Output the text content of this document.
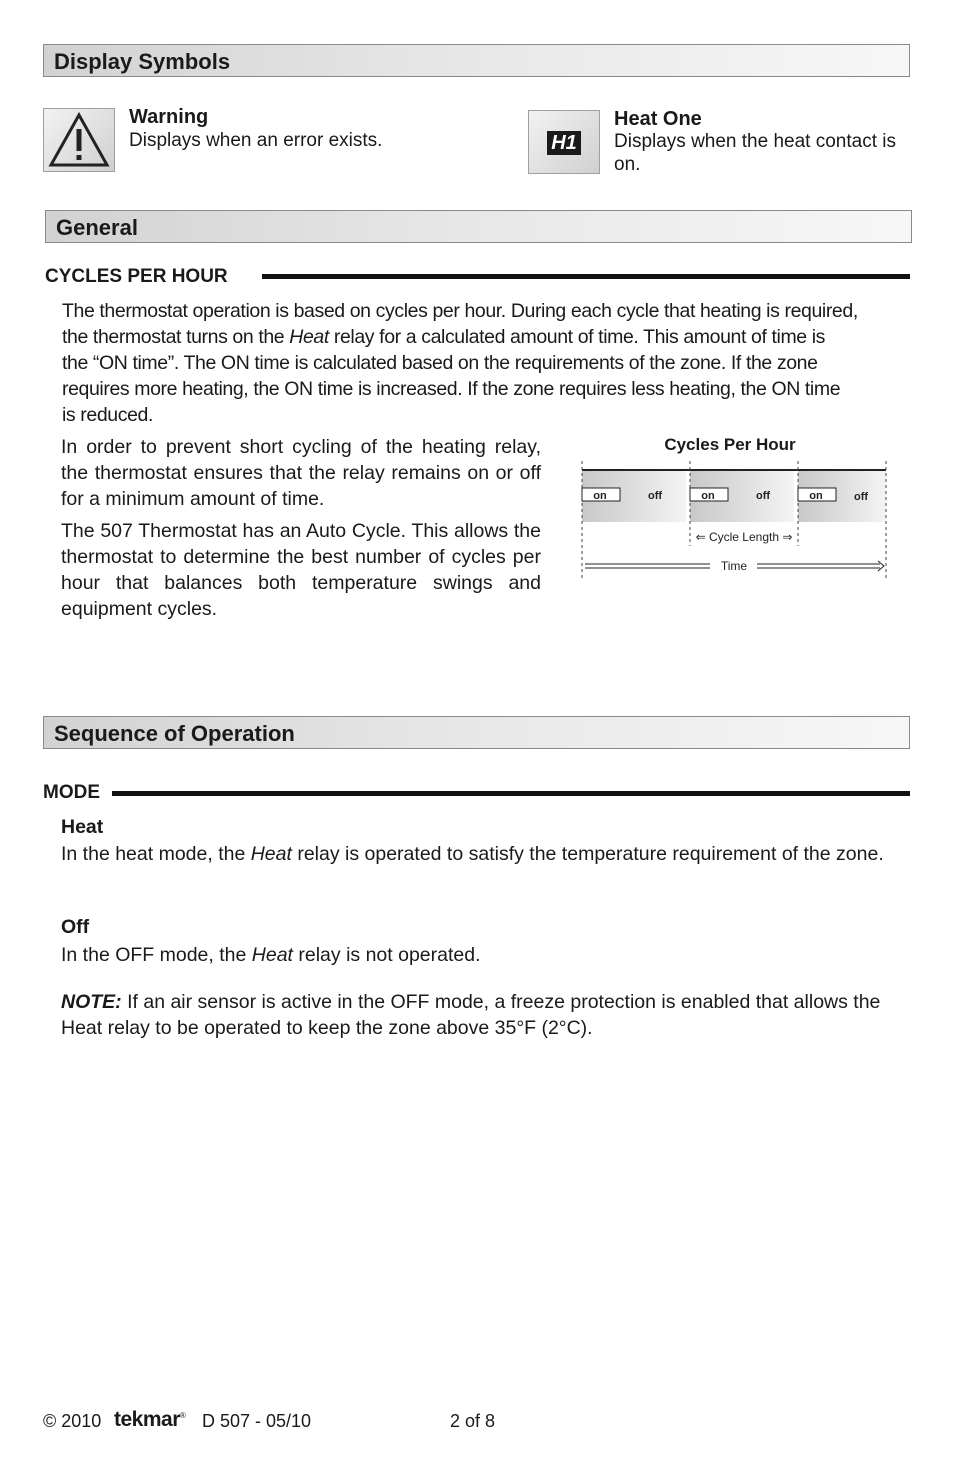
Display Symbols
Warning
Displays when an error exists.	H1
Heat One
Displays when the heat contact is on.
General
CYCLES PER HOUR
The thermostat operation is based on cycles per hour. During each cycle that heating is required,
the thermostat turns on the Heat relay for a calculated amount of time. This amount of time is
the “ON time”. The ON time is calculated based on the requirements of the zone. If the zone
requires more heating, the ON time is increased. If the zone requires less heating, the ON time
is reduced.

In order to prevent short cycling of the heating relay, the thermostat ensures that the relay remains on or off for a minimum amount of time.

The 507 Thermostat has an Auto Cycle. This allows the thermostat to determine the best number of cycles per hour that balances both temperature swings and equipment cycles.

Cycles Per Hour
on	off	on	off	on	off
⇐ Cycle Length ⇒
Time
Sequence of Operation
MODE
Heat

In the heat mode, the Heat relay is operated to satisfy the temperature requirement of the zone.

Off

In the OFF mode, the Heat relay is not operated.

NOTE: If an air sensor is active in the OFF mode, a freeze protection is enabled that allows the Heat relay to be operated to keep the zone above 35°F (2°C).

© 2010 tekmar® D 507 - 05/10	2 of 8
